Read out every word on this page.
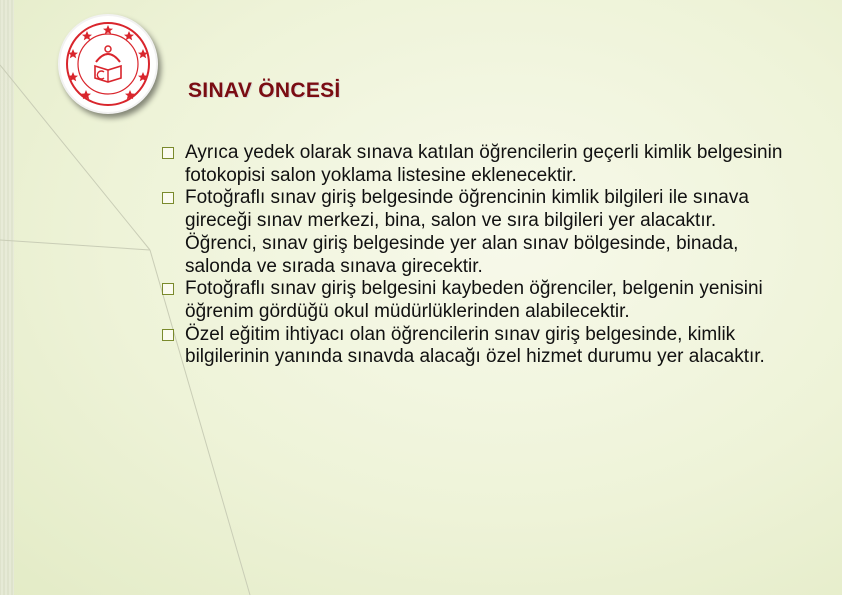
SINAV ÖNCESİ
Ayrıca yedek olarak sınava katılan öğrencilerin geçerli kimlik belgesinin fotokopisi salon yoklama listesine eklenecektir.
Fotoğraflı sınav giriş belgesinde öğrencinin kimlik bilgileri ile sınava gireceği sınav merkezi, bina, salon ve sıra bilgileri yer alacaktır. Öğrenci, sınav giriş belgesinde yer alan sınav bölgesinde, binada, salonda ve sırada sınava girecektir.
Fotoğraflı sınav giriş belgesini kaybeden öğrenciler, belgenin yenisini öğrenim gördüğü okul müdürlüklerinden alabilecektir.
Özel eğitim ihtiyacı olan öğrencilerin sınav giriş belgesinde, kimlik bilgilerinin yanında sınavda alacağı özel hizmet durumu yer alacaktır.
